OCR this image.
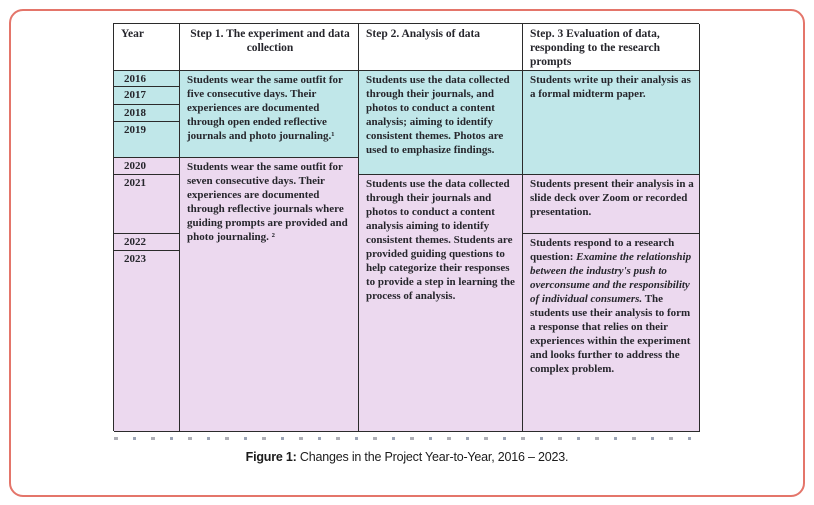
Year	Step 1. The experiment and data collection
Step 2. Analysis of data	Step. 3 Evaluation of data, responding to the research prompts
2016
2017
2018
2019
2020
2021
2022
2023
Students wear the same outfit for five consecutive days. Their experiences are documented through open ended reflective journals and photo journaling.¹
Students wear the same outfit for seven consecutive days. Their experiences are documented through reflective journals where guiding prompts are provided and photo journaling. ²
Students use the data collected through their journals, and photos to conduct a content analysis; aiming to identify consistent themes. Photos are used to emphasize findings.
Students use the data collected through their journals and photos to conduct a content analysis aiming to identify consistent themes. Students are provided guiding questions to help categorize their responses to provide a step in learning the process of analysis.
Students write up their analysis as a formal midterm paper.
Students present their analysis in a slide deck over Zoom or recorded presentation.
Students respond to a research question: Examine the relationship between the industry's push to overconsume and the responsibility of individual consumers. The students use their analysis to form a response that relies on their experiences within the experiment and looks further to address the complex problem.
Figure 1: Changes in the Project Year-to-Year, 2016 – 2023.
